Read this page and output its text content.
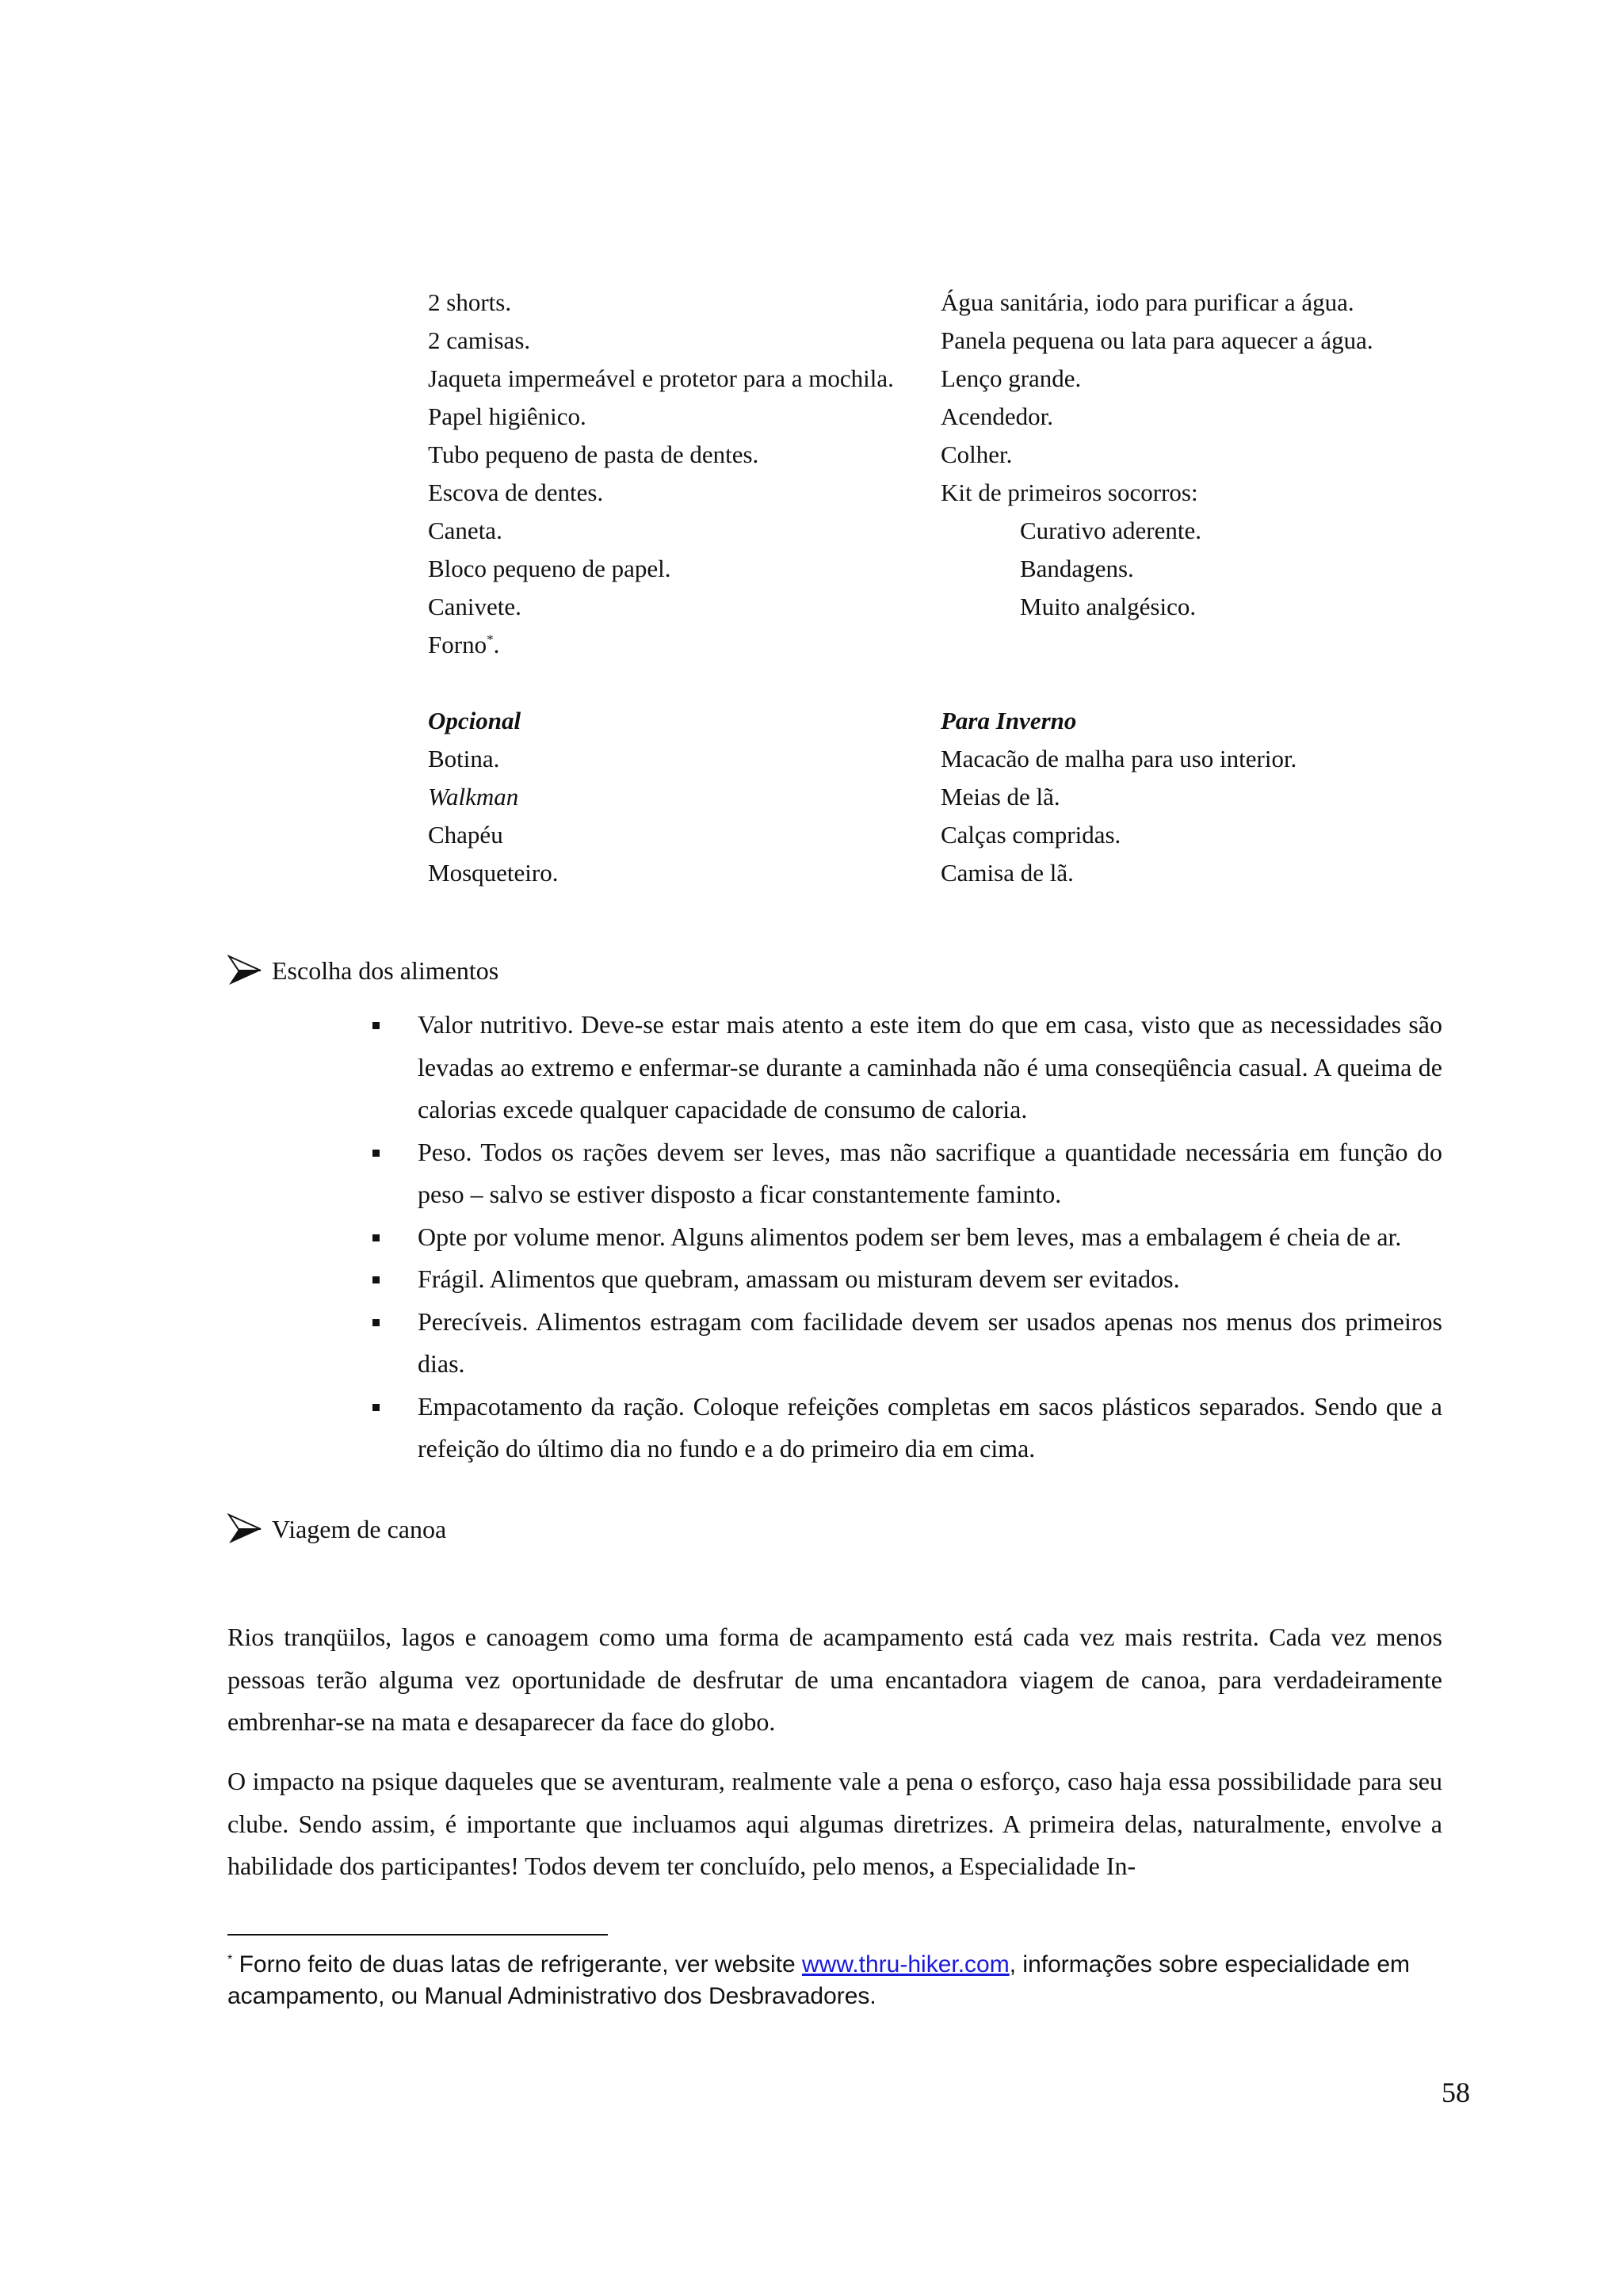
2 shorts.
2 camisas.
Jaqueta impermeável e protetor para a mochila.
Papel higiênico.
Tubo pequeno de pasta de dentes.
Escova de dentes.
Caneta.
Bloco pequeno de papel.
Canivete.
Forno*.
Água sanitária, iodo para purificar a água.
Panela pequena ou lata para aquecer a água.
Lenço grande.
Acendedor.
Colher.
Kit de primeiros socorros:
Curativo aderente.
Bandagens.
Muito analgésico.
Opcional
Botina.
Walkman
Chapéu
Mosqueteiro.
Para Inverno
Macacão de malha para uso interior.
Meias de lã.
Calças compridas.
Camisa de lã.
Escolha dos alimentos
Valor nutritivo. Deve-se estar mais atento a este item do que em casa, visto que as necessidades são levadas ao extremo e enfermar-se durante a caminhada não é uma conseqüência casual. A queima de calorias excede qualquer capacidade de consumo de caloria.
Peso. Todos os rações devem ser leves, mas não sacrifique a quantidade necessária em função do peso – salvo se estiver disposto a ficar constantemente faminto.
Opte por volume menor. Alguns alimentos podem ser bem leves, mas a embalagem é cheia de ar.
Frágil. Alimentos que quebram, amassam ou misturam devem ser evitados.
Perecíveis. Alimentos estragam com facilidade devem ser usados apenas nos menus dos primeiros dias.
Empacotamento da ração. Coloque refeições completas em sacos plásticos separados. Sendo que a refeição do último dia no fundo e a do primeiro dia em cima.
Viagem de canoa

Rios tranqüilos, lagos e canoagem como uma forma de acampamento está cada vez mais restrita. Cada vez menos pessoas terão alguma vez oportunidade de desfrutar de uma encantadora viagem de canoa, para verdadeiramente embrenhar-se na mata e desaparecer da face do globo.

O impacto na psique daqueles que se aventuram, realmente vale a pena o esforço, caso haja essa possibilidade para seu clube. Sendo assim, é importante que incluamos aqui algumas diretrizes. A primeira delas, naturalmente, envolve a habilidade dos participantes! Todos devem ter concluído, pelo menos, a Especialidade In-

* Forno feito de duas latas de refrigerante, ver website www.thru-hiker.com, informações sobre especialidade em acampamento, ou Manual Administrativo dos Desbravadores.
58
